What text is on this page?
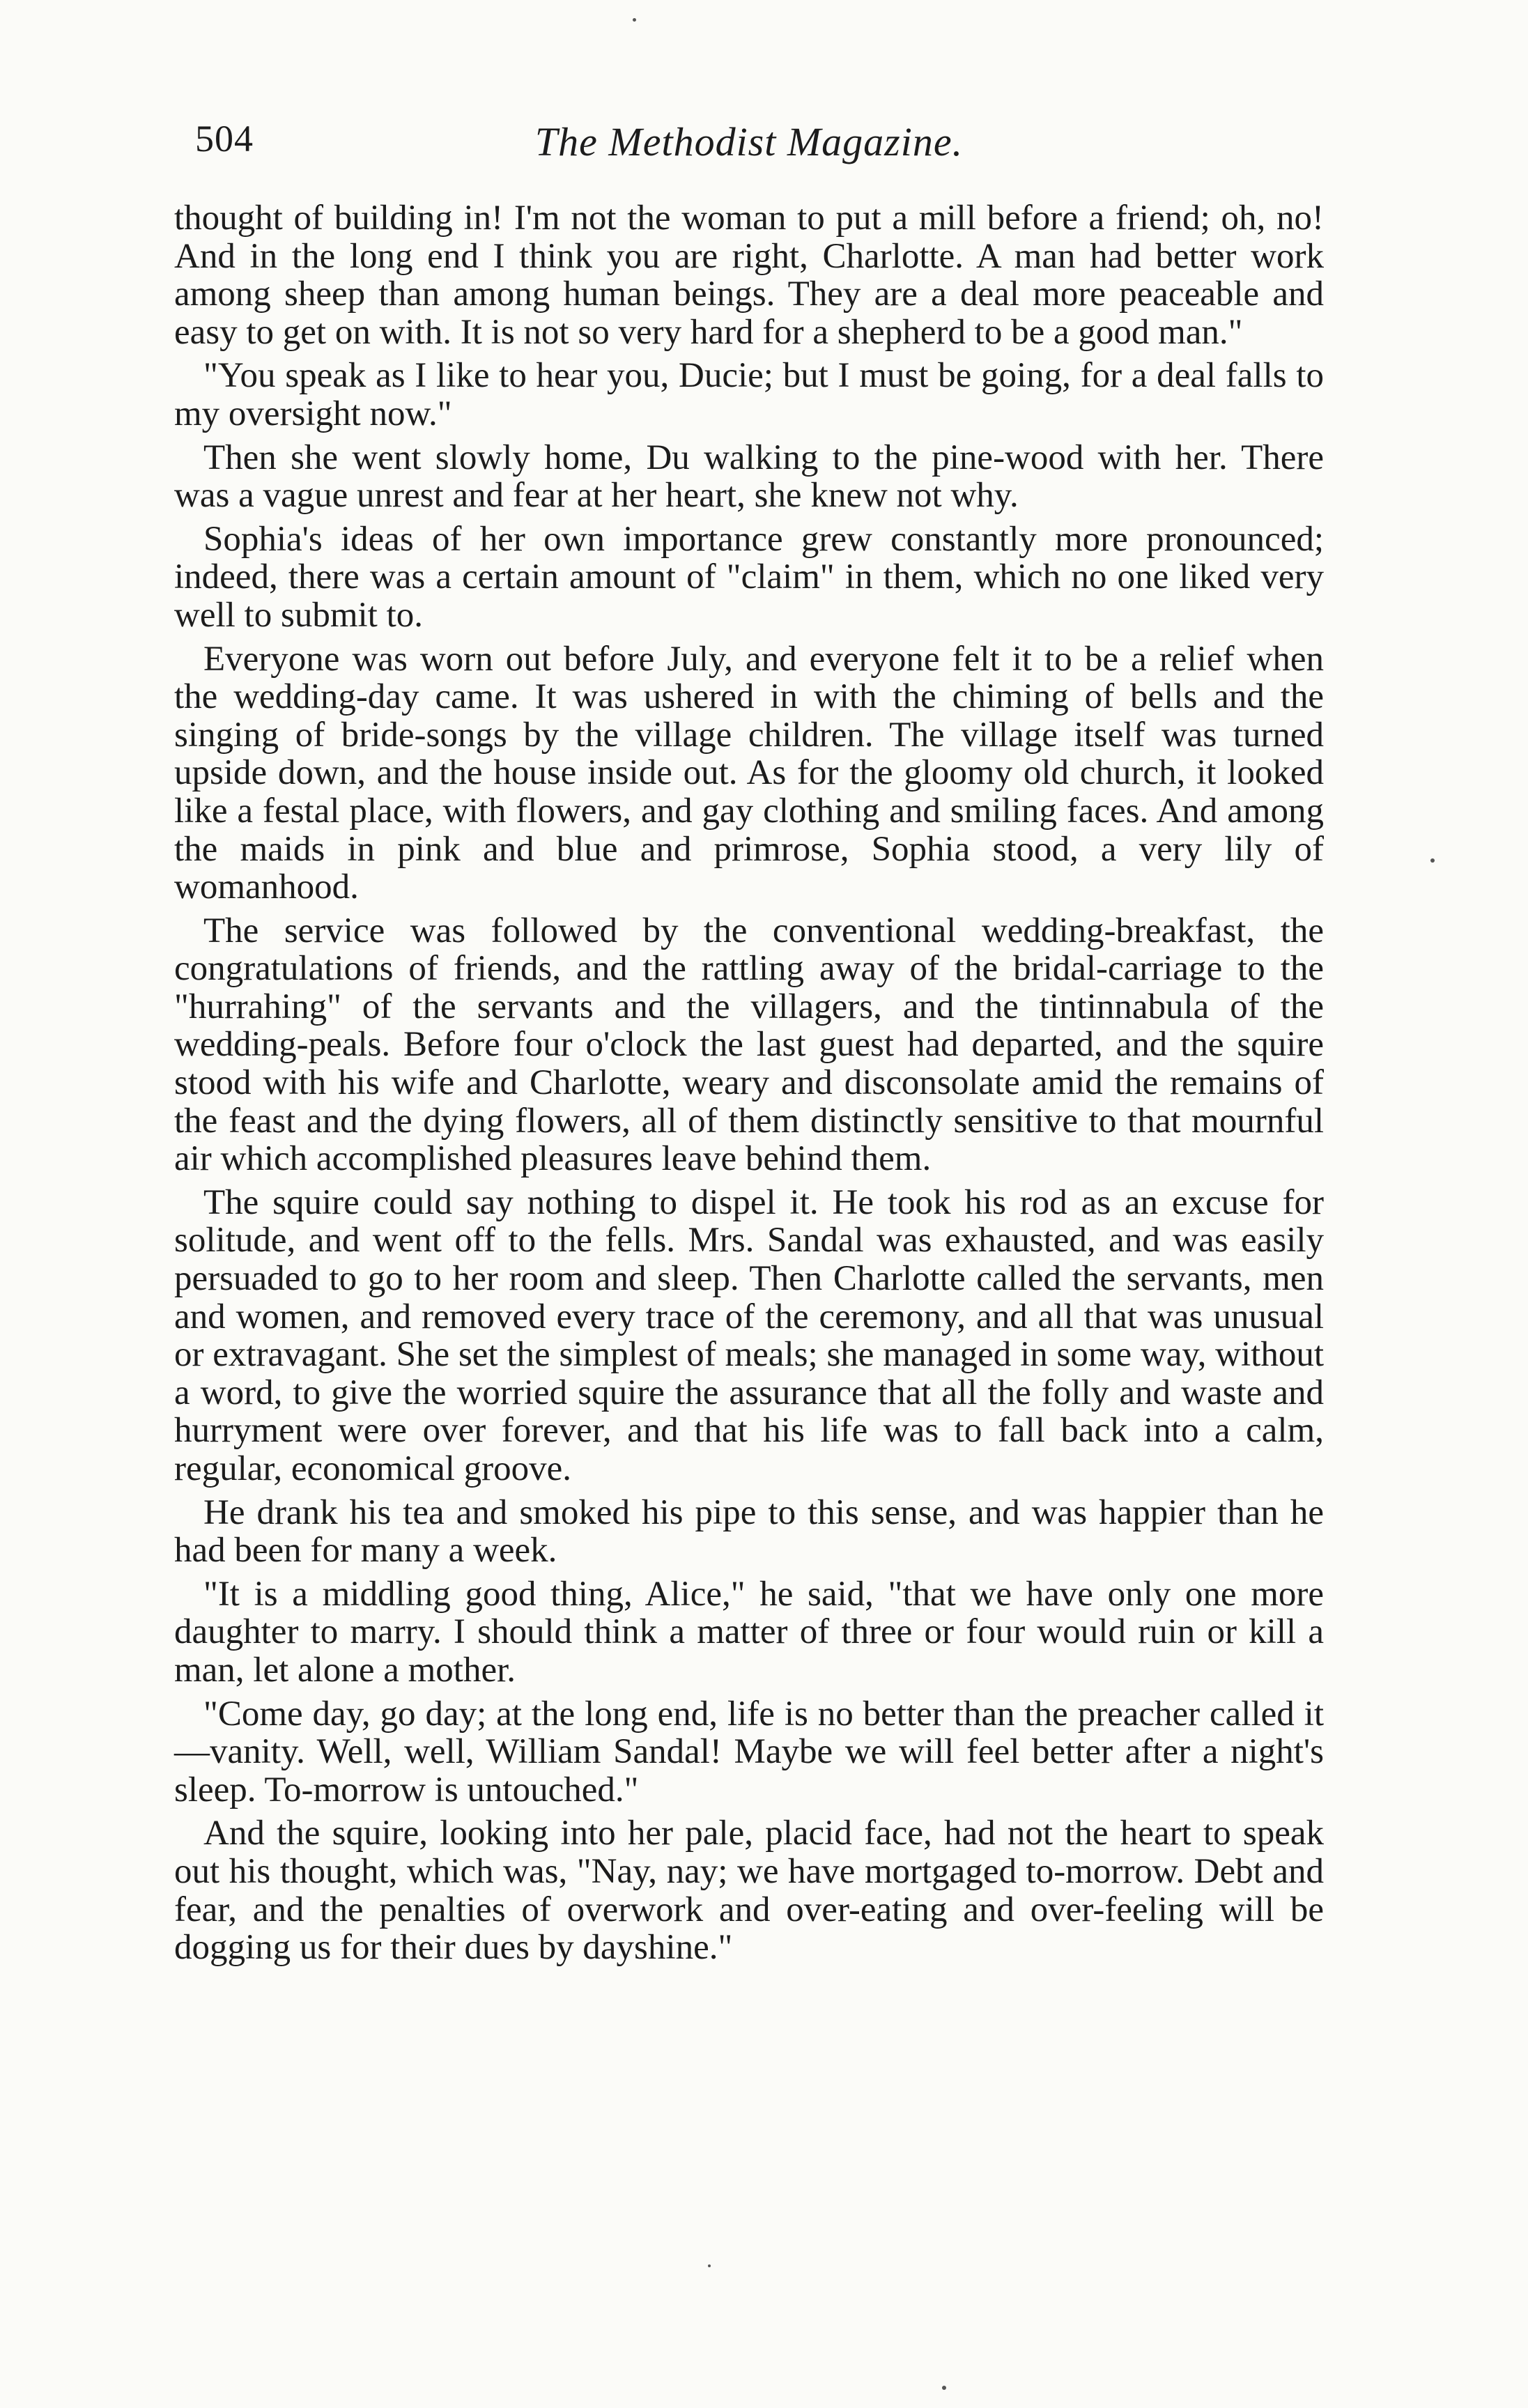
504	The Methodist Magazine.

thought of building in! I'm not the woman to put a mill before a friend; oh, no! And in the long end I think you are right, Charlotte. A man had better work among sheep than among human beings. They are a deal more peaceable and easy to get on with. It is not so very hard for a shepherd to be a good man."

"You speak as I like to hear you, Ducie; but I must be going, for a deal falls to my oversight now."

Then she went slowly home, Du walking to the pine-wood with her. There was a vague unrest and fear at her heart, she knew not why.

Sophia's ideas of her own importance grew constantly more pronounced; indeed, there was a certain amount of "claim" in them, which no one liked very well to submit to.

Everyone was worn out before July, and everyone felt it to be a relief when the wedding-day came. It was ushered in with the chiming of bells and the singing of bride-songs by the village children. The village itself was turned upside down, and the house inside out. As for the gloomy old church, it looked like a festal place, with flowers, and gay clothing and smiling faces. And among the maids in pink and blue and primrose, Sophia stood, a very lily of womanhood.

The service was followed by the conventional wedding-breakfast, the congratulations of friends, and the rattling away of the bridal-carriage to the "hurrahing" of the servants and the villagers, and the tintinnabula of the wedding-peals. Before four o'clock the last guest had departed, and the squire stood with his wife and Charlotte, weary and disconsolate amid the remains of the feast and the dying flowers, all of them distinctly sensitive to that mournful air which accomplished pleasures leave behind them.

The squire could say nothing to dispel it. He took his rod as an excuse for solitude, and went off to the fells. Mrs. Sandal was exhausted, and was easily persuaded to go to her room and sleep. Then Charlotte called the servants, men and women, and removed every trace of the ceremony, and all that was unusual or extravagant. She set the simplest of meals; she managed in some way, without a word, to give the worried squire the assurance that all the folly and waste and hurryment were over forever, and that his life was to fall back into a calm, regular, economical groove.

He drank his tea and smoked his pipe to this sense, and was happier than he had been for many a week.

"It is a middling good thing, Alice," he said, "that we have only one more daughter to marry. I should think a matter of three or four would ruin or kill a man, let alone a mother.

"Come day, go day; at the long end, life is no better than the preacher called it—vanity. Well, well, William Sandal! Maybe we will feel better after a night's sleep. To-morrow is untouched."

And the squire, looking into her pale, placid face, had not the heart to speak out his thought, which was, "Nay, nay; we have mortgaged to-morrow. Debt and fear, and the penalties of overwork and over-eating and over-feeling will be dogging us for their dues by dayshine."
